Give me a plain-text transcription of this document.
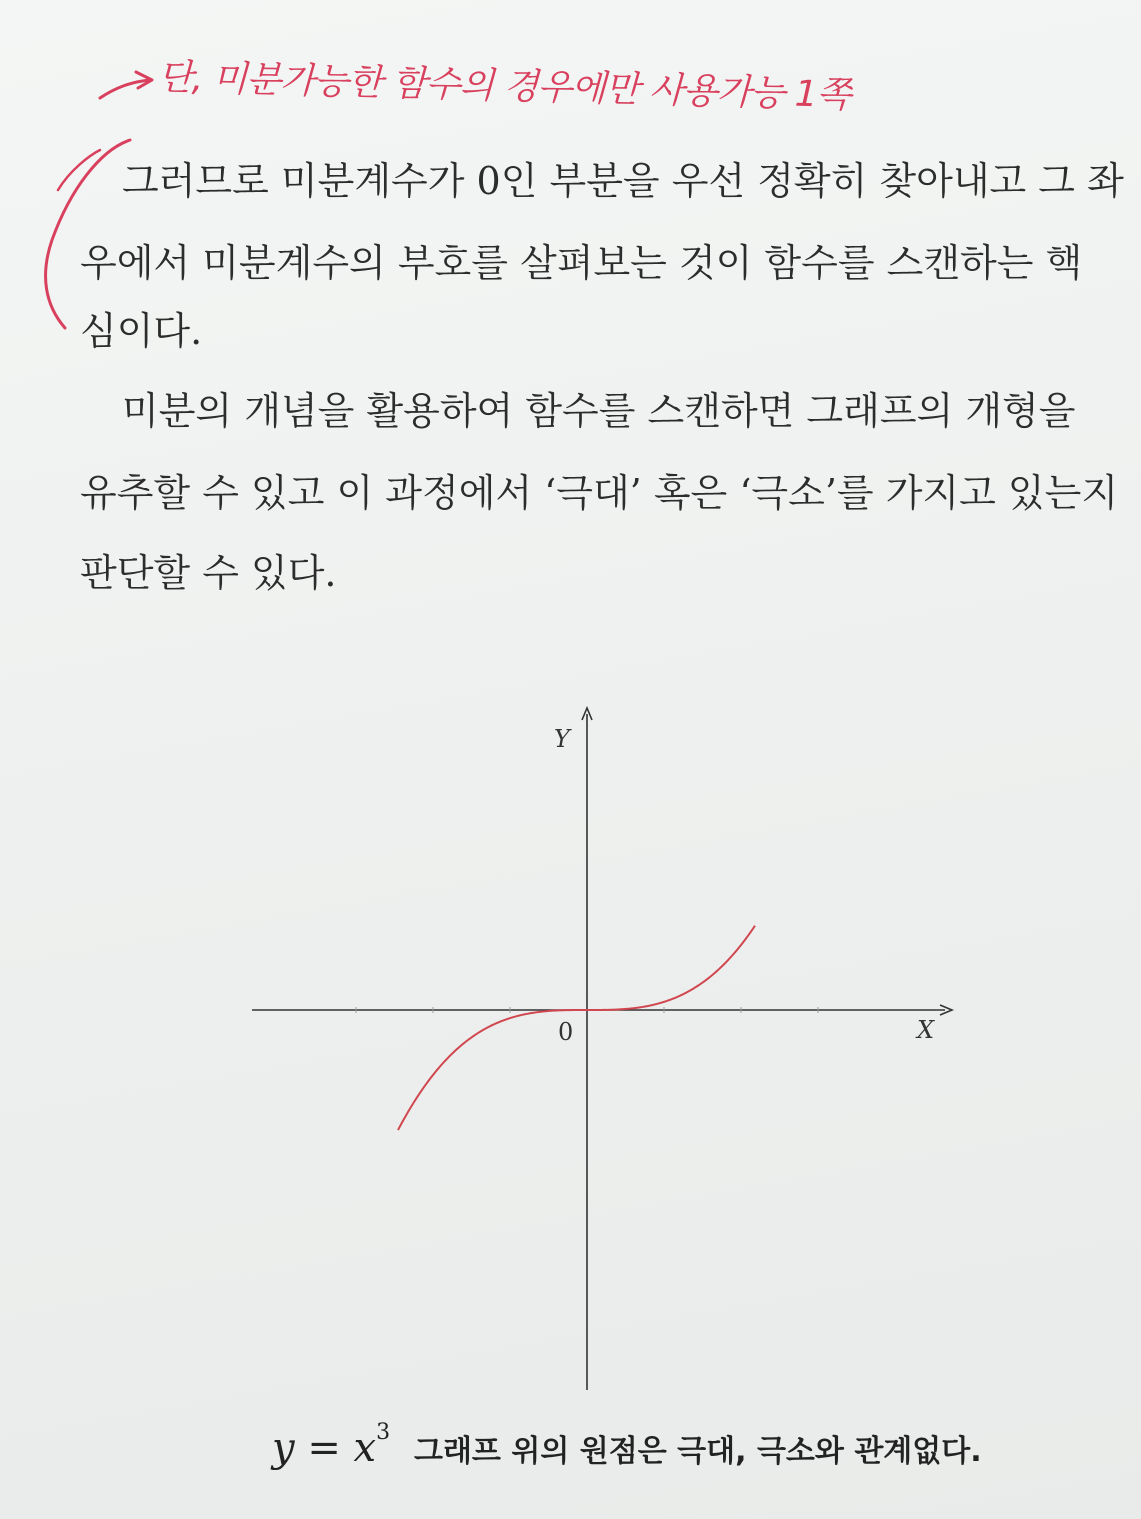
단, 미분가능한 함수의 경우에만 사용가능 1쪽
그러므로 미분계수가 0인 부분을 우선 정확히 찾아내고 그 좌
우에서 미분계수의 부호를 살펴보는 것이 함수를 스캔하는 핵
심이다.
미분의 개념을 활용하여 함수를 스캔하면 그래프의 개형을
유추할 수 있고 이 과정에서 ‘극대’ 혹은 ‘극소’를 가지고 있는지
판단할 수 있다.
Y
X
0
$y = x^3$ 그래프 위의 원점은 극대, 극소와 관계없다.
